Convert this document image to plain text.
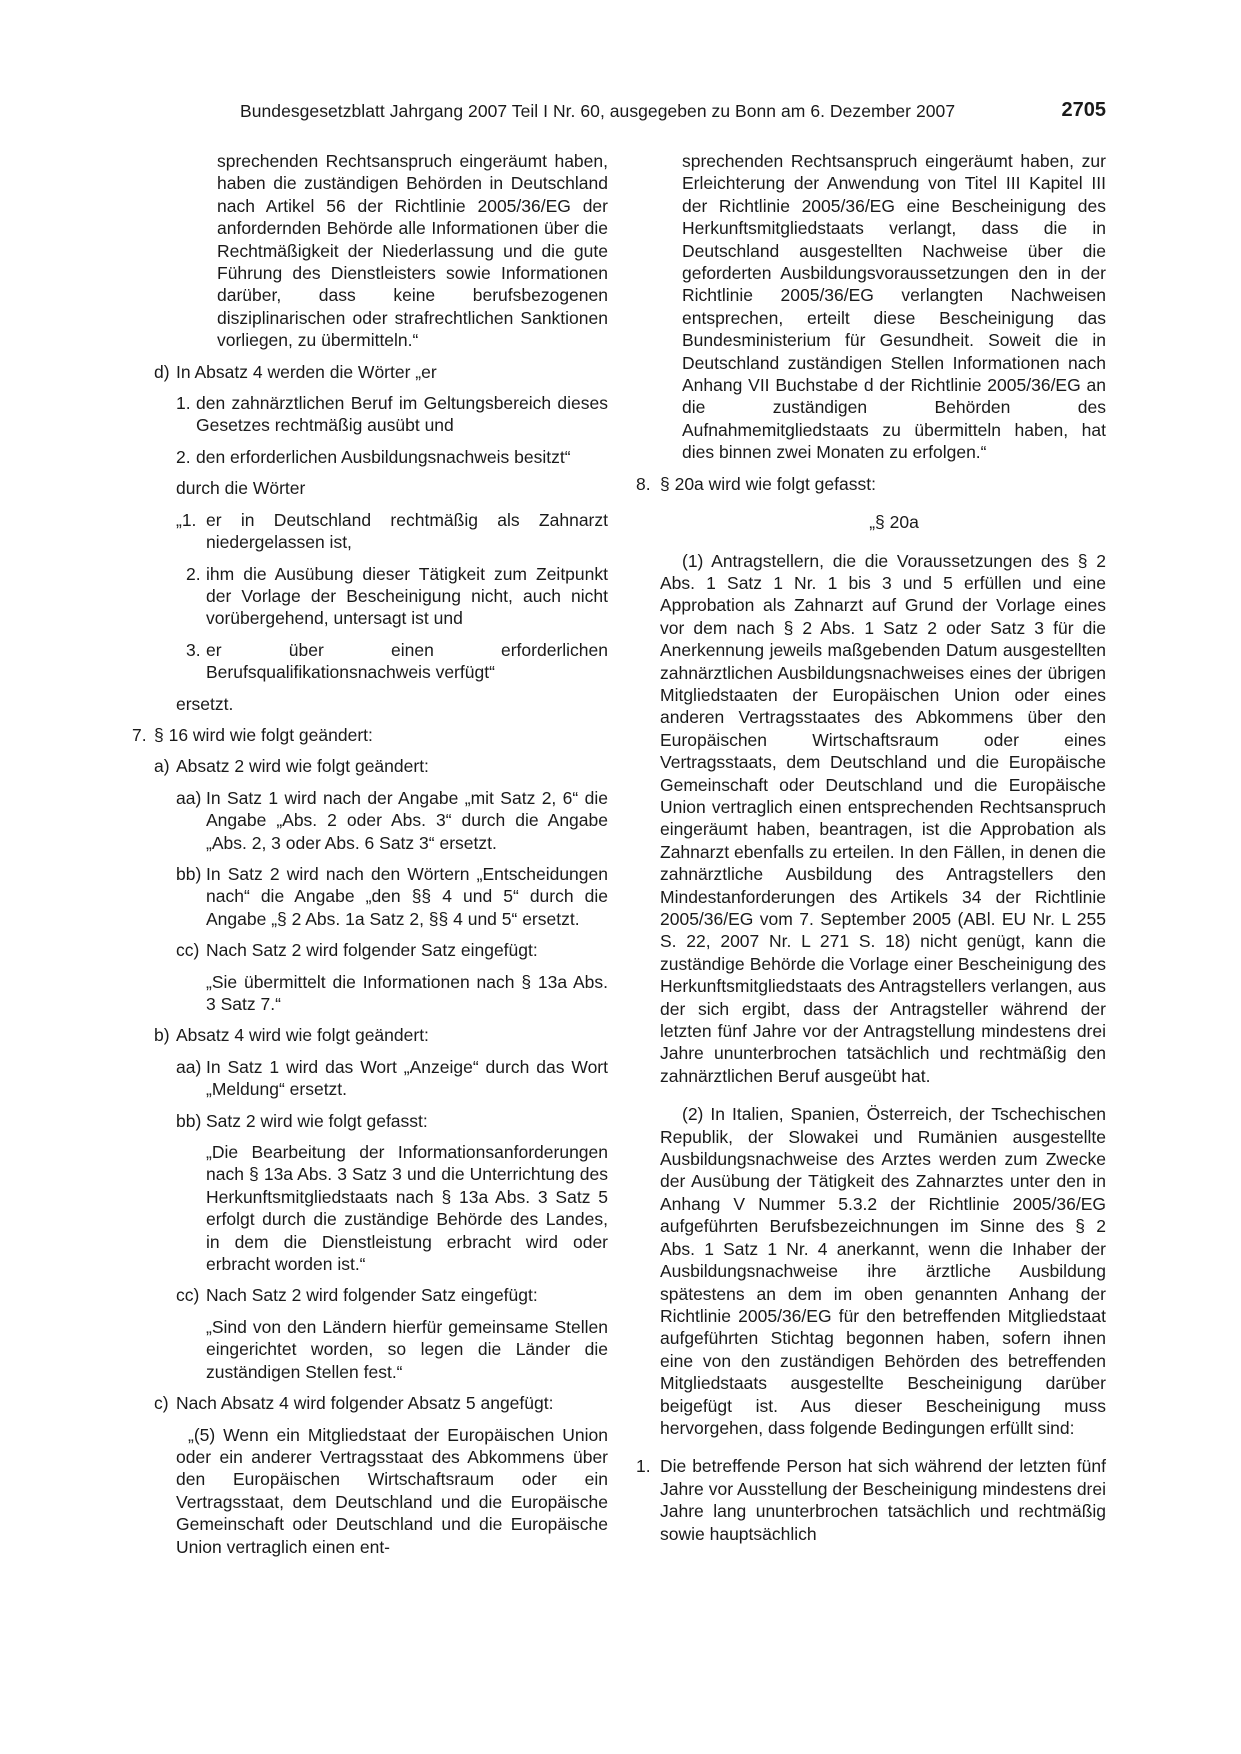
Bundesgesetzblatt Jahrgang 2007 Teil I Nr. 60, ausgegeben zu Bonn am 6. Dezember 2007	2705

sprechenden Rechtsanspruch eingeräumt haben, haben die zuständigen Behörden in Deutschland nach Artikel 56 der Richtlinie 2005/36/EG der anfordernden Behörde alle Informationen über die Rechtmäßigkeit der Niederlassung und die gute Führung des Dienstleisters sowie Informationen darüber, dass keine berufsbezogenen disziplinarischen oder strafrechtlichen Sanktionen vorliegen, zu übermitteln.“

d) In Absatz 4 werden die Wörter „er
1. den zahnärztlichen Beruf im Geltungsbereich dieses Gesetzes rechtmäßig ausübt und
2. den erforderlichen Ausbildungsnachweis besitzt“

durch die Wörter

„1. er in Deutschland rechtmäßig als Zahnarzt niedergelassen ist,
2. ihm die Ausübung dieser Tätigkeit zum Zeitpunkt der Vorlage der Bescheinigung nicht, auch nicht vorübergehend, untersagt ist und
3. er über einen erforderlichen Berufsqualifikationsnachweis verfügt“

ersetzt.

7. § 16 wird wie folgt geändert:
a) Absatz 2 wird wie folgt geändert:
aa) In Satz 1 wird nach der Angabe „mit Satz 2, 6“ die Angabe „Abs. 2 oder Abs. 3“ durch die Angabe „Abs. 2, 3 oder Abs. 6 Satz 3“ ersetzt.
bb) In Satz 2 wird nach den Wörtern „Entscheidungen nach“ die Angabe „den §§ 4 und 5“ durch die Angabe „§ 2 Abs. 1a Satz 2, §§ 4 und 5“ ersetzt.
cc) Nach Satz 2 wird folgender Satz eingefügt:

„Sie übermittelt die Informationen nach § 13a Abs. 3 Satz 7.“

b) Absatz 4 wird wie folgt geändert:
aa) In Satz 1 wird das Wort „Anzeige“ durch das Wort „Meldung“ ersetzt.
bb) Satz 2 wird wie folgt gefasst:

„Die Bearbeitung der Informationsanforderungen nach § 13a Abs. 3 Satz 3 und die Unterrichtung des Herkunftsmitgliedstaats nach § 13a Abs. 3 Satz 5 erfolgt durch die zuständige Behörde des Landes, in dem die Dienstleistung erbracht wird oder erbracht worden ist.“

cc) Nach Satz 2 wird folgender Satz eingefügt:

„Sind von den Ländern hierfür gemeinsame Stellen eingerichtet worden, so legen die Länder die zuständigen Stellen fest.“

c) Nach Absatz 4 wird folgender Absatz 5 angefügt:

„(5) Wenn ein Mitgliedstaat der Europäischen Union oder ein anderer Vertragsstaat des Abkommens über den Europäischen Wirtschaftsraum oder ein Vertragsstaat, dem Deutschland und die Europäische Gemeinschaft oder Deutschland und die Europäische Union vertraglich einen ent-

sprechenden Rechtsanspruch eingeräumt haben, zur Erleichterung der Anwendung von Titel III Kapitel III der Richtlinie 2005/36/EG eine Bescheinigung des Herkunftsmitgliedstaats verlangt, dass die in Deutschland ausgestellten Nachweise über die geforderten Ausbildungsvoraussetzungen den in der Richtlinie 2005/36/EG verlangten Nachweisen entsprechen, erteilt diese Bescheinigung das Bundesministerium für Gesundheit. Soweit die in Deutschland zuständigen Stellen Informationen nach Anhang VII Buchstabe d der Richtlinie 2005/36/EG an die zuständigen Behörden des Aufnahmemitgliedstaats zu übermitteln haben, hat dies binnen zwei Monaten zu erfolgen.“

8. § 20a wird wie folgt gefasst:

„§ 20a

(1) Antragstellern, die die Voraussetzungen des § 2 Abs. 1 Satz 1 Nr. 1 bis 3 und 5 erfüllen und eine Approbation als Zahnarzt auf Grund der Vorlage eines vor dem nach § 2 Abs. 1 Satz 2 oder Satz 3 für die Anerkennung jeweils maßgebenden Datum ausgestellten zahnärztlichen Ausbildungsnachweises eines der übrigen Mitgliedstaaten der Europäischen Union oder eines anderen Vertragsstaates des Abkommens über den Europäischen Wirtschaftsraum oder eines Vertragsstaats, dem Deutschland und die Europäische Gemeinschaft oder Deutschland und die Europäische Union vertraglich einen entsprechenden Rechtsanspruch eingeräumt haben, beantragen, ist die Approbation als Zahnarzt ebenfalls zu erteilen. In den Fällen, in denen die zahnärztliche Ausbildung des Antragstellers den Mindestanforderungen des Artikels 34 der Richtlinie 2005/36/EG vom 7. September 2005 (ABl. EU Nr. L 255 S. 22, 2007 Nr. L 271 S. 18) nicht genügt, kann die zuständige Behörde die Vorlage einer Bescheinigung des Herkunftsmitgliedstaats des Antragstellers verlangen, aus der sich ergibt, dass der Antragsteller während der letzten fünf Jahre vor der Antragstellung mindestens drei Jahre ununterbrochen tatsächlich und rechtmäßig den zahnärztlichen Beruf ausgeübt hat.

(2) In Italien, Spanien, Österreich, der Tschechischen Republik, der Slowakei und Rumänien ausgestellte Ausbildungsnachweise des Arztes werden zum Zwecke der Ausübung der Tätigkeit des Zahnarztes unter den in Anhang V Nummer 5.3.2 der Richtlinie 2005/36/EG aufgeführten Berufsbezeichnungen im Sinne des § 2 Abs. 1 Satz 1 Nr. 4 anerkannt, wenn die Inhaber der Ausbildungsnachweise ihre ärztliche Ausbildung spätestens an dem im oben genannten Anhang der Richtlinie 2005/36/EG für den betreffenden Mitgliedstaat aufgeführten Stichtag begonnen haben, sofern ihnen eine von den zuständigen Behörden des betreffenden Mitgliedstaats ausgestellte Bescheinigung darüber beigefügt ist. Aus dieser Bescheinigung muss hervorgehen, dass folgende Bedingungen erfüllt sind:

1. Die betreffende Person hat sich während der letzten fünf Jahre vor Ausstellung der Bescheinigung mindestens drei Jahre lang ununterbrochen tatsächlich und rechtmäßig sowie hauptsächlich
